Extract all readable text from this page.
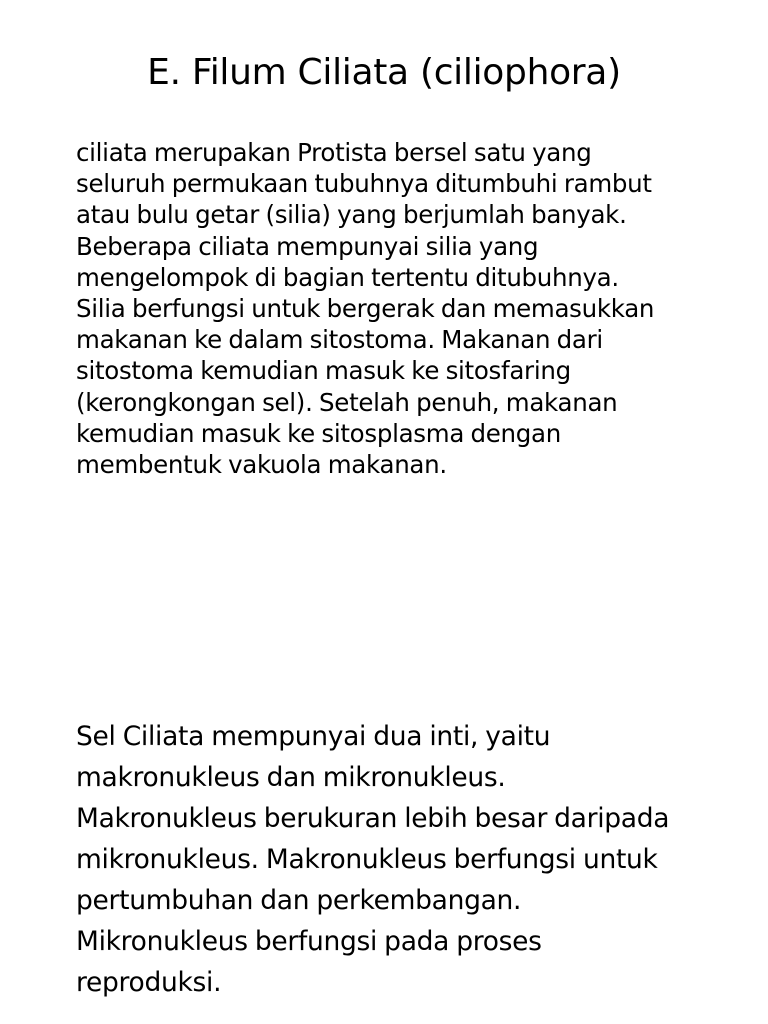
E. Filum Ciliata (ciliophora)

ciliata merupakan Protista bersel satu yang
seluruh permukaan tubuhnya ditumbuhi rambut
atau bulu getar (silia) yang berjumlah banyak.
Beberapa ciliata mempunyai silia yang
mengelompok di bagian tertentu ditubuhnya.
Silia berfungsi untuk bergerak dan memasukkan
makanan ke dalam sitostoma. Makanan dari
sitostoma kemudian masuk ke sitosfaring
(kerongkongan sel). Setelah penuh, makanan
kemudian masuk ke sitosplasma dengan
membentuk vakuola makanan.

Sel Ciliata mempunyai dua inti, yaitu
makronukleus dan mikronukleus.
Makronukleus berukuran lebih besar daripada
mikronukleus. Makronukleus berfungsi untuk
pertumbuhan dan perkembangan.
Mikronukleus berfungsi pada proses
reproduksi.
